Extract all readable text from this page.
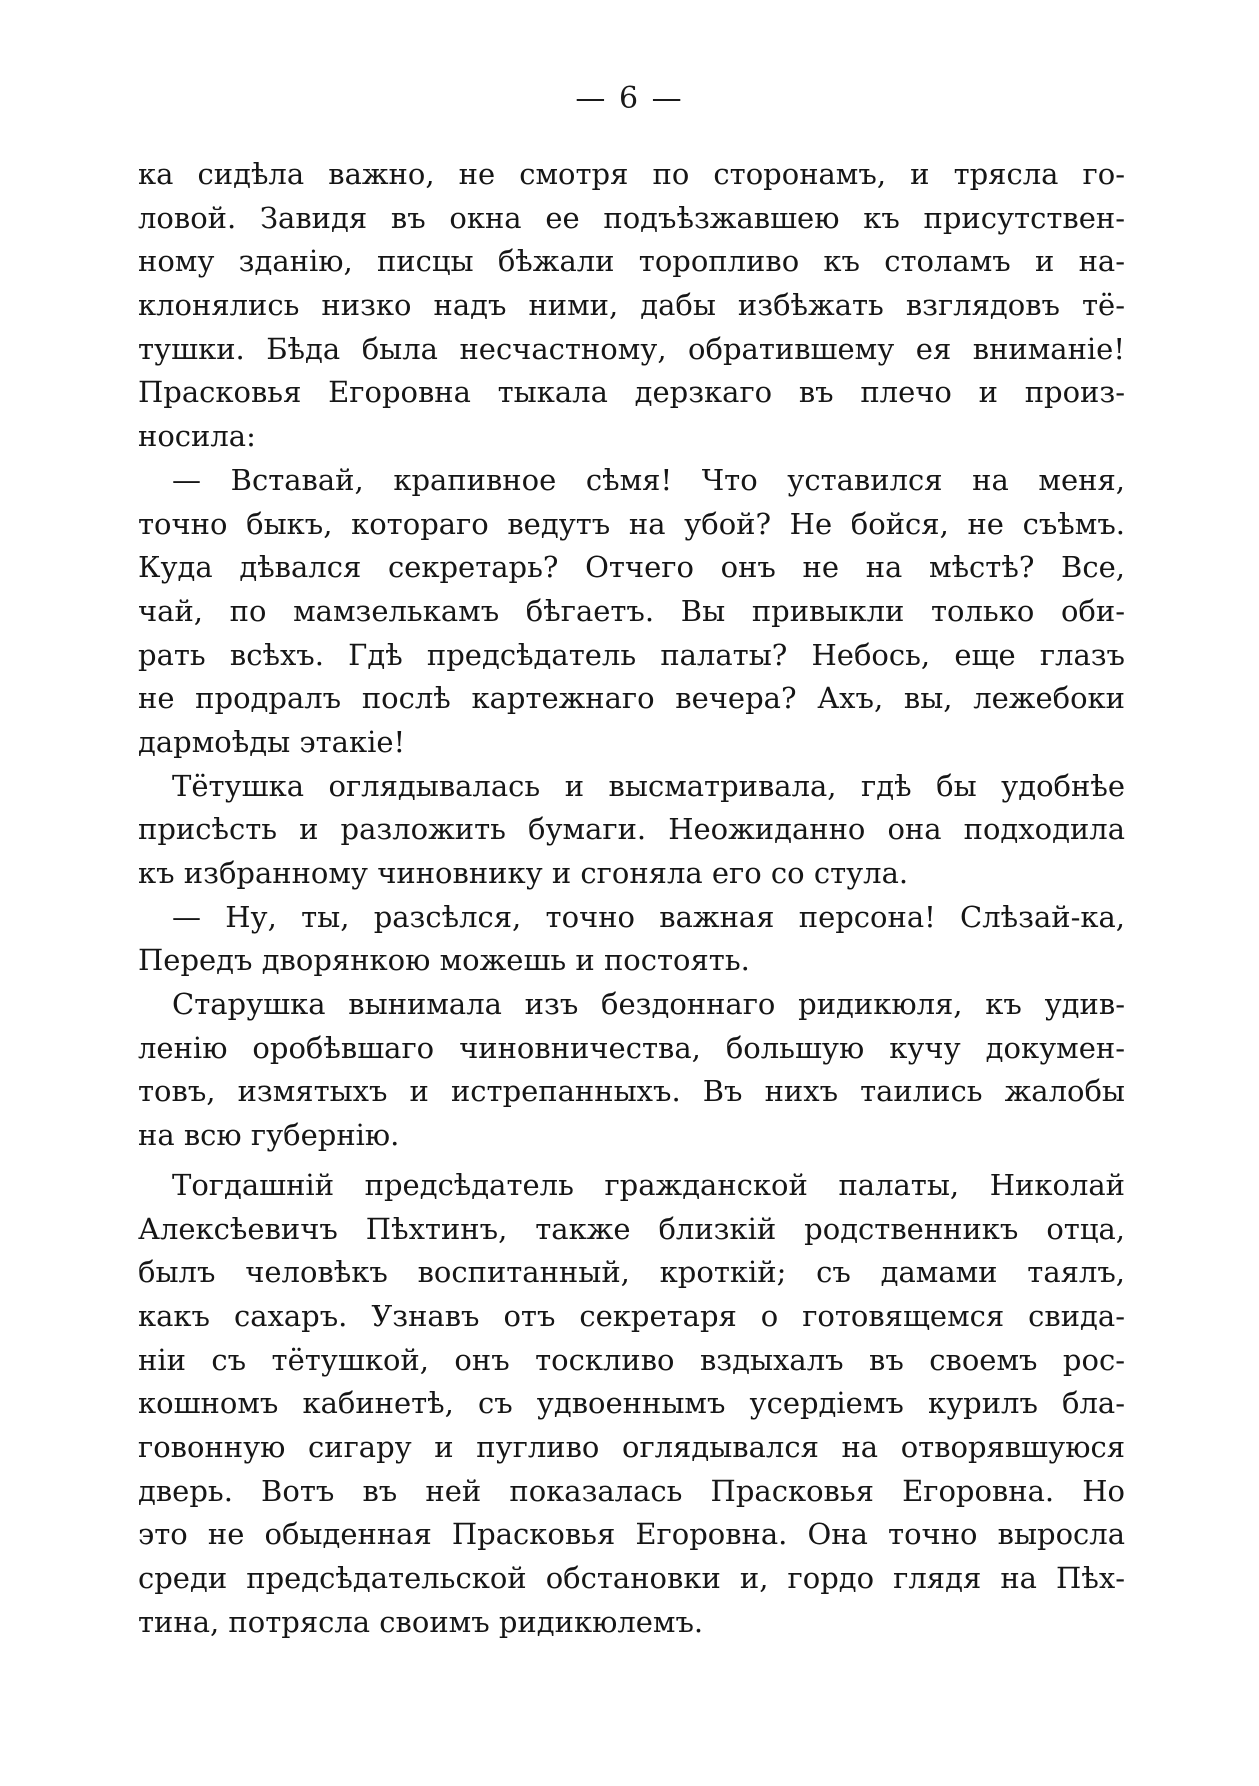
— 6 —
ка сидѣла важно, не смотря по сторонамъ, и трясла го-
ловой. Завидя въ окна ее подъѣзжавшею къ присутствен-
ному зданію, писцы бѣжали торопливо къ столамъ и на-
клонялись низко надъ ними, дабы избѣжать взглядовъ тё-
тушки. Бѣда была несчастному, обратившему ея вниманіе!
Прасковья Егоровна тыкала дерзкаго въ плечо и произ-
носила:
— Вставай, крапивное сѣмя! Что уставился на меня,
точно быкъ, котораго ведутъ на убой? Не бойся, не съѣмъ.
Куда дѣвался секретарь? Отчего онъ не на мѣстѣ? Все,
чай, по мамзелькамъ бѣгаетъ. Вы привыкли только оби-
рать всѣхъ. Гдѣ предсѣдатель палаты? Небось, еще глазъ
не продралъ послѣ картежнаго вечера? Ахъ, вы, лежебоки
дармоѣды этакіе!
Тётушка оглядывалась и высматривала, гдѣ бы удобнѣе
присѣсть и разложить бумаги. Неожиданно она подходила
къ избранному чиновнику и сгоняла его со стула.
— Ну, ты, разсѣлся, точно важная персона! Слѣзай-ка,
Передъ дворянкою можешь и постоять.
Старушка вынимала изъ бездоннаго ридикюля, къ удив-
ленію оробѣвшаго чиновничества, большую кучу докумен-
товъ, измятыхъ и истрепанныхъ. Въ нихъ таились жалобы
на всю губернію.
Тогдашній предсѣдатель гражданской палаты, Николай
Алексѣевичъ Пѣхтинъ, также близкій родственникъ отца,
былъ человѣкъ воспитанный, кроткій; съ дамами таялъ,
какъ сахаръ. Узнавъ отъ секретаря о готовящемся свида-
ніи съ тётушкой, онъ тоскливо вздыхалъ въ своемъ рос-
кошномъ кабинетѣ, съ удвоеннымъ усердіемъ курилъ бла-
говонную сигару и пугливо оглядывался на отворявшуюся
дверь. Вотъ въ ней показалась Прасковья Егоровна. Но
это не обыденная Прасковья Егоровна. Она точно выросла
среди предсѣдательской обстановки и, гордо глядя на Пѣх-
тина, потрясла своимъ ридикюлемъ.
